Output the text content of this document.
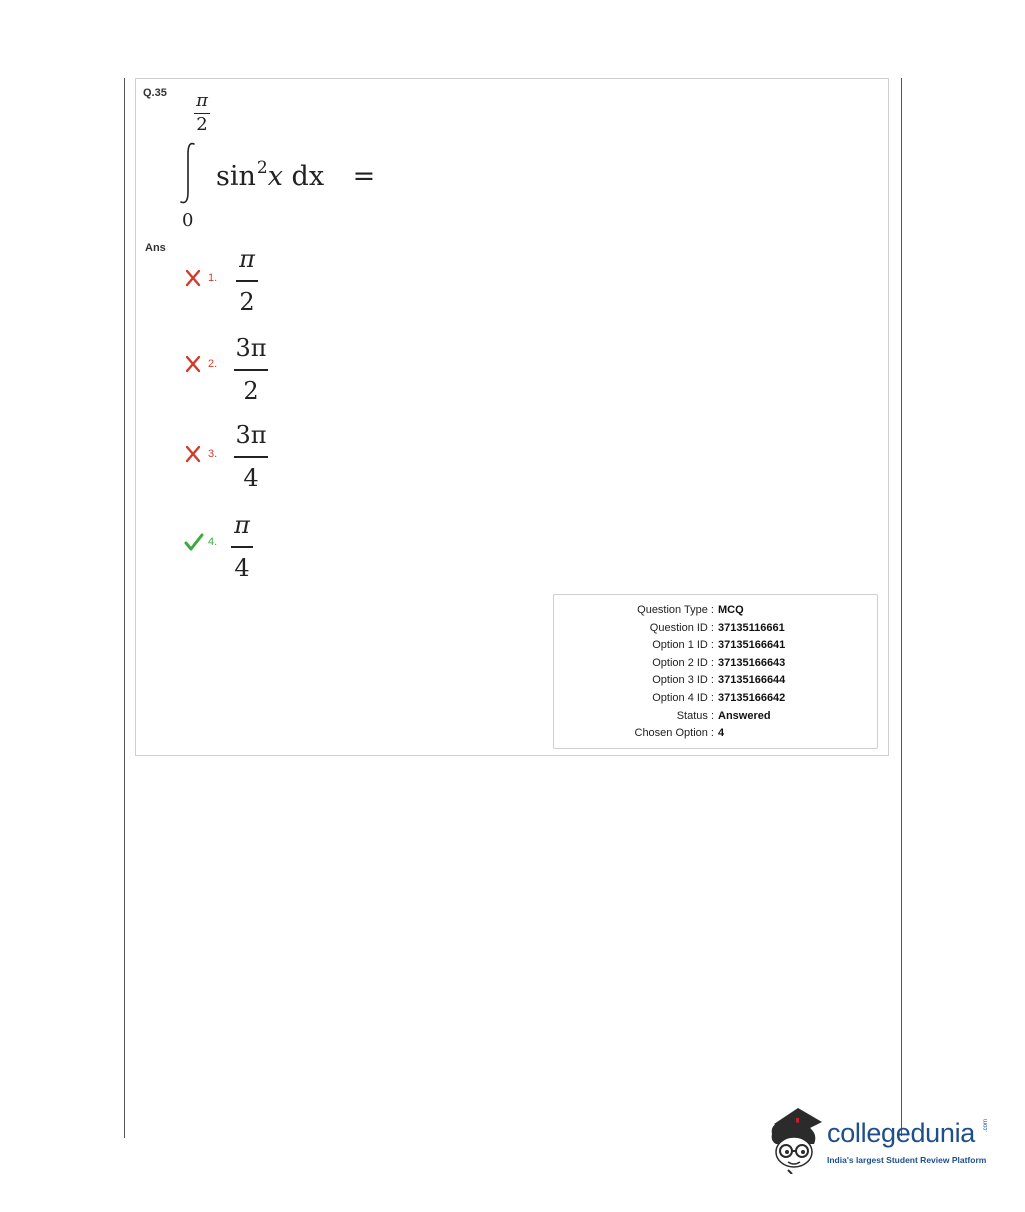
Q.35 π
2
0
$\sin^2x$ dx =
Ans
1.
π
2
2.
3π
2
3.
3π
4
4.
π
4
Question Type : MCQ
Question ID : 37135116661
Option 1 ID : 37135166641
Option 2 ID : 37135166643
Option 3 ID : 37135166644
Option 4 ID : 37135166642
Status : Answered
Chosen Option : 4
collegedunia .com
India's largest Student Review Platform
